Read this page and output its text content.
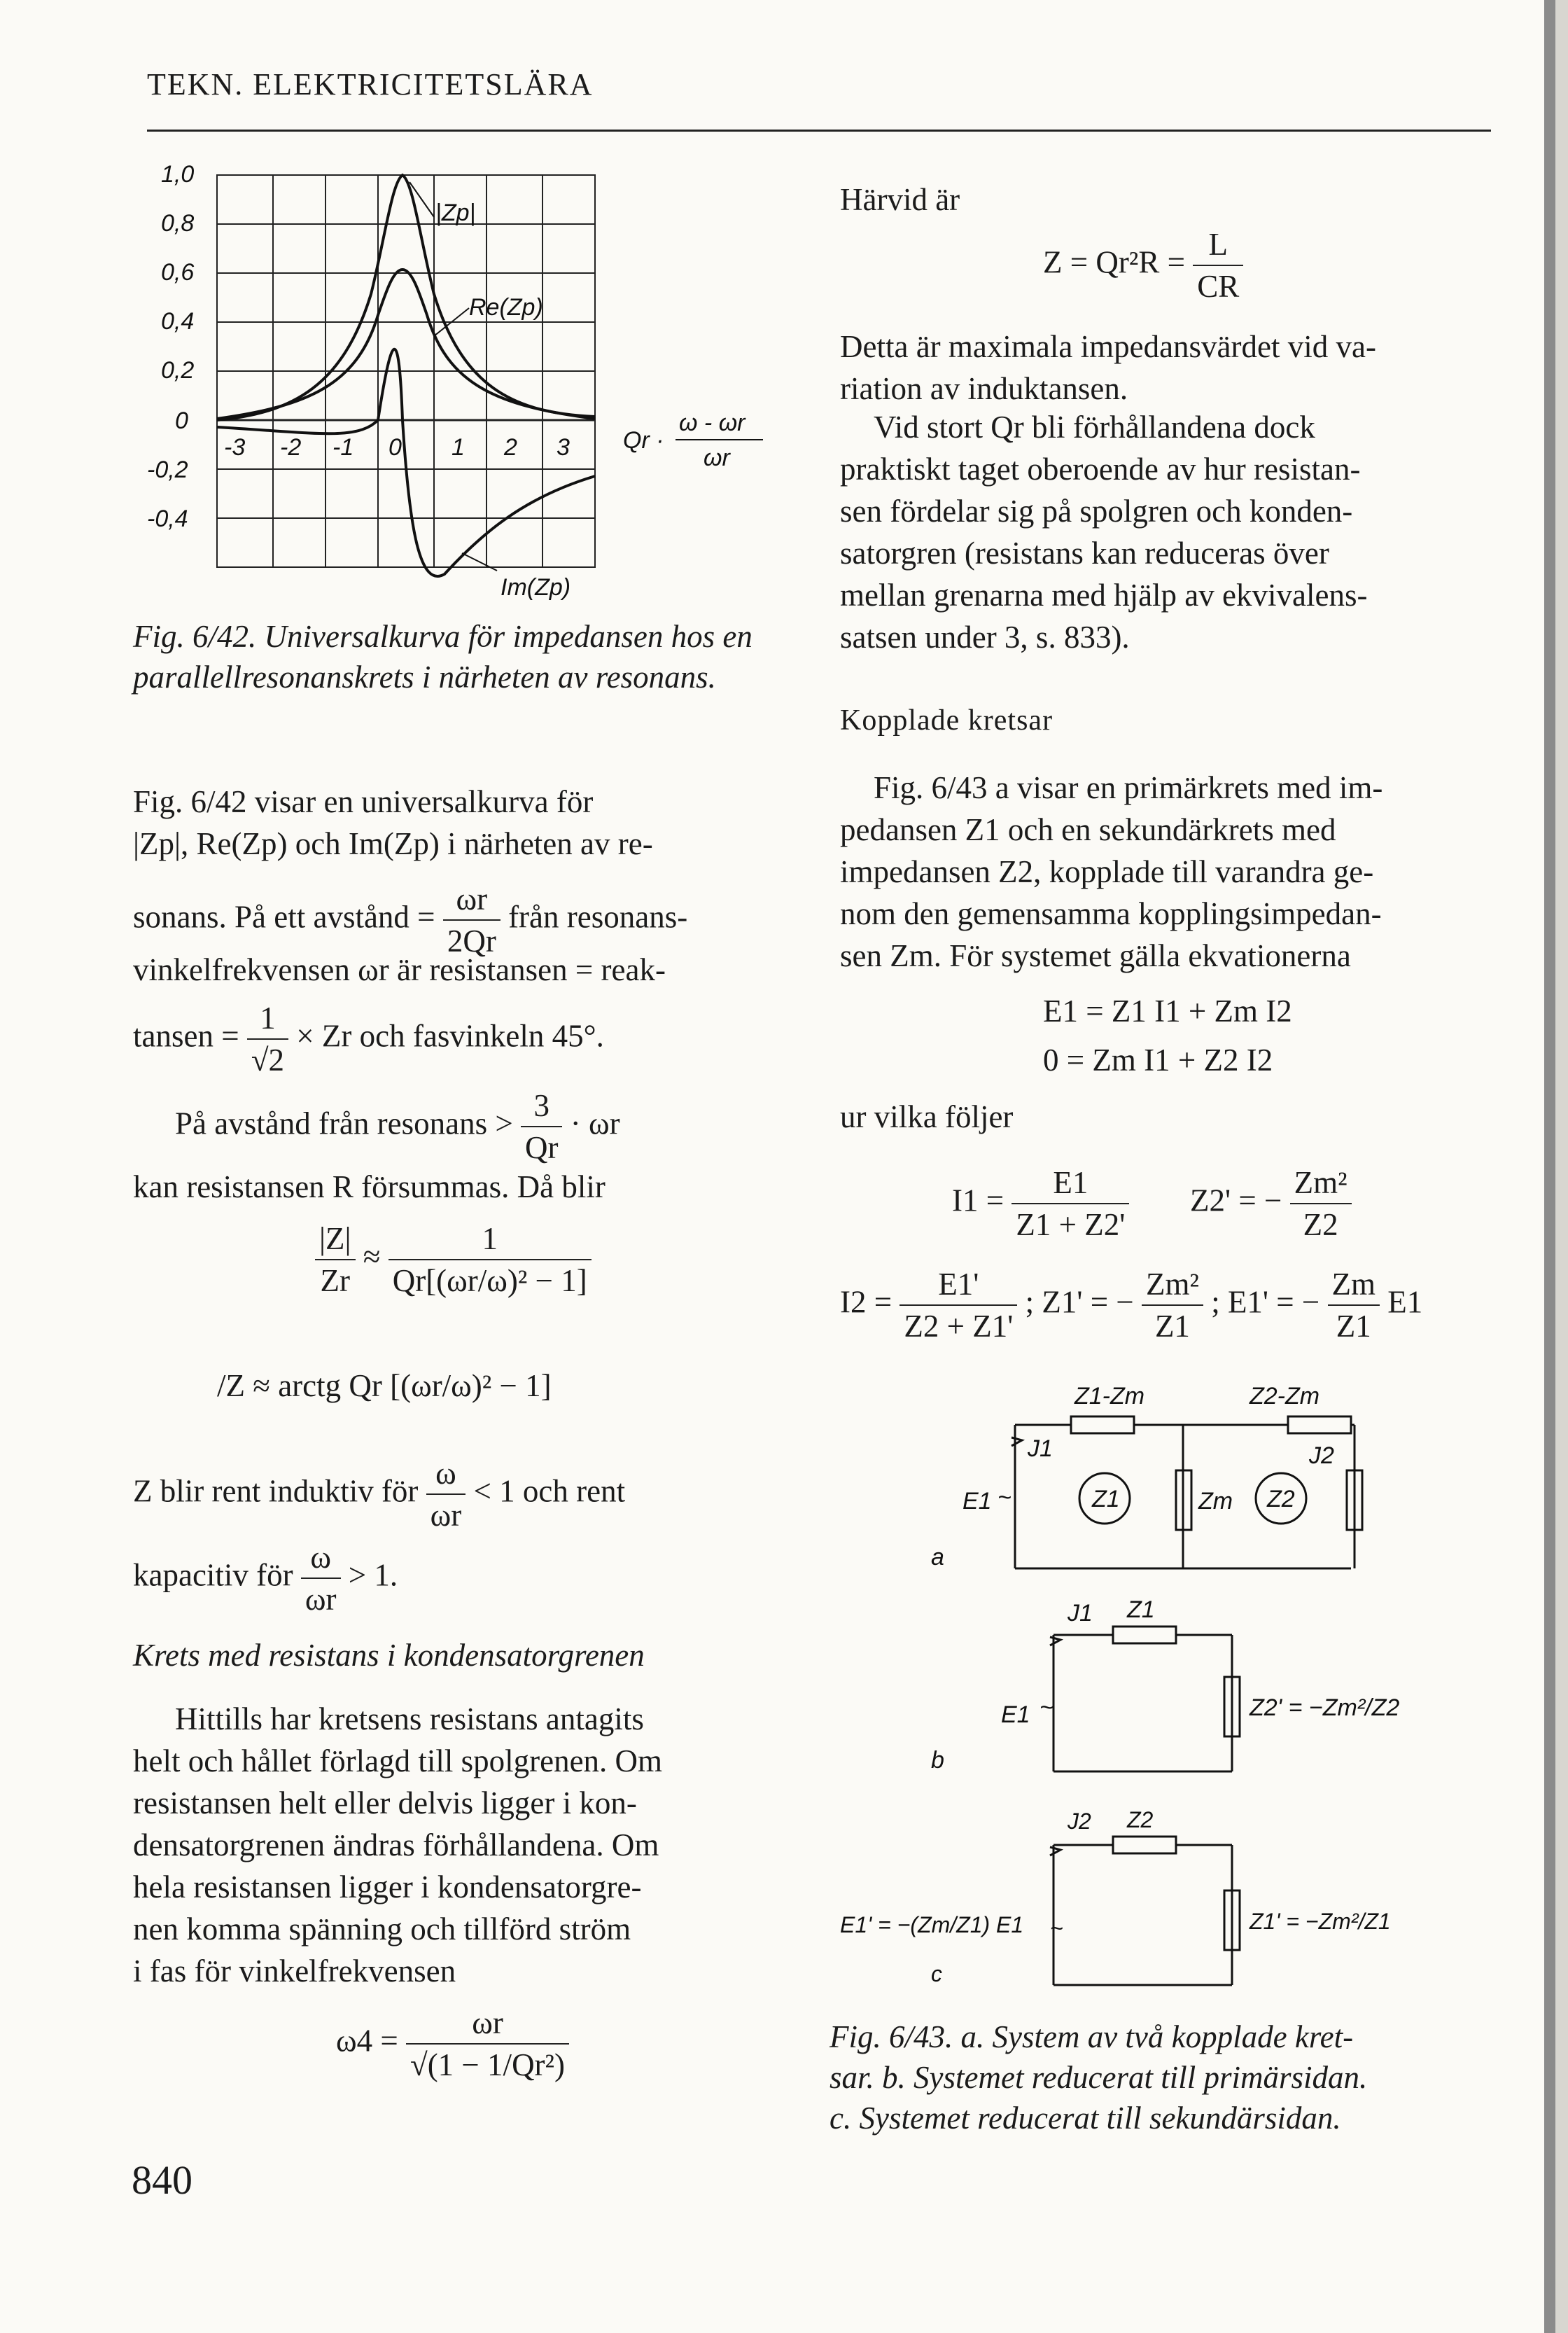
TEKN. ELEKTRICITETSLÄRA
1,0
0,8
0,6
0,4
0,2
0
-0,2
-0,4
-3 -2 -1 0 1 2 3
|Zp|
Re(Zp)
Im(Zp)
Qr ·
ω - ωr
ωr
Fig. 6/42. Universalkurva för impedansen hos en parallellresonanskrets i närheten av resonans.
Fig. 6/42 visar en universalkurva för
|Zp|, Re(Zp) och Im(Zp) i närheten av re-
sonans. På ett avstånd = $\frac{\omega r}{2Qr}$ från resonans-
vinkelfrekvensen ωr är resistansen = reak-
tansen = $\frac{1}{√2} \times Zr$ och fasvinkeln 45°.
På avstånd från resonans > $\frac{3}{Qr} \cdot \omega r$
kan resistansen R försummas. Då blir
$\frac{|Z|}{Zr} \approx \frac{1}{\text{Qr[(ωr/ω)² − 1]}}$
/Z ≈ arctg Qr [(ωr/ω)² − 1]
Z blir rent induktiv för $\frac{\omega}{\omega r} < 1$ och rent
kapacitiv för $\frac{\omega}{\omega r} > 1$.
Krets med resistans i kondensatorgrenen
Hittills har kretsens resistans antagits
helt och hållet förlagd till spolgrenen. Om
resistansen helt eller delvis ligger i kon-
densatorgrenen ändras förhållandena. Om
hela resistansen ligger i kondensatorgre-
nen komma spänning och tillförd ström
i fas för vinkelfrekvensen
$\omega 4 = \frac{\omega r}{\text{√(1 − 1/Qr²)}}$
840
Härvid är
$Z = Qr^2R = \frac{L}{CR}$
Detta är maximala impedansvärdet vid va-
riation av induktansen.
Vid stort Qr bli förhållandena dock
praktiskt taget oberoende av hur resistan-
sen fördelar sig på spolgren och konden-
satorgren (resistans kan reduceras över
mellan grenarna med hjälp av ekvivalens-
satsen under 3, s. 833).
Kopplade kretsar
Fig. 6/43 a visar en primärkrets med im-
pedansen Z1 och en sekundärkrets med
impedansen Z2, kopplade till varandra ge-
nom den gemensamma kopplingsimpedan-
sen Zm. För systemet gälla ekvationerna
E1 = Z1 I1 + Zm I2
0 = Zm I1 + Z2 I2
ur vilka följer
$I1 = \frac{E1}{Z1 + Z2'} Z2'$ = − $\frac{\text{Zm²}}{Z2}$
$I2 = \frac{E1'}{Z2 + Z1'}$ ; Z1' = − $\frac{\text{Zm²}}{Z1}$ ; E1' = − $\frac{Zm}{Z1} E1$
Z1-Zm	Z2-Zm
J1	J2
E1 ~	Z1	Zm Z2
a
J1 Z1
E1 ~	Z2' = −Zm²/Z2
b
J2 Z2
E1' = −(Zm/Z1) E1 ~	Z1' = −Zm²/Z1
c
Fig. 6/43. a. System av två kopplade kret-
sar. b. Systemet reducerat till primärsidan.
c. Systemet reducerat till sekundärsidan.
